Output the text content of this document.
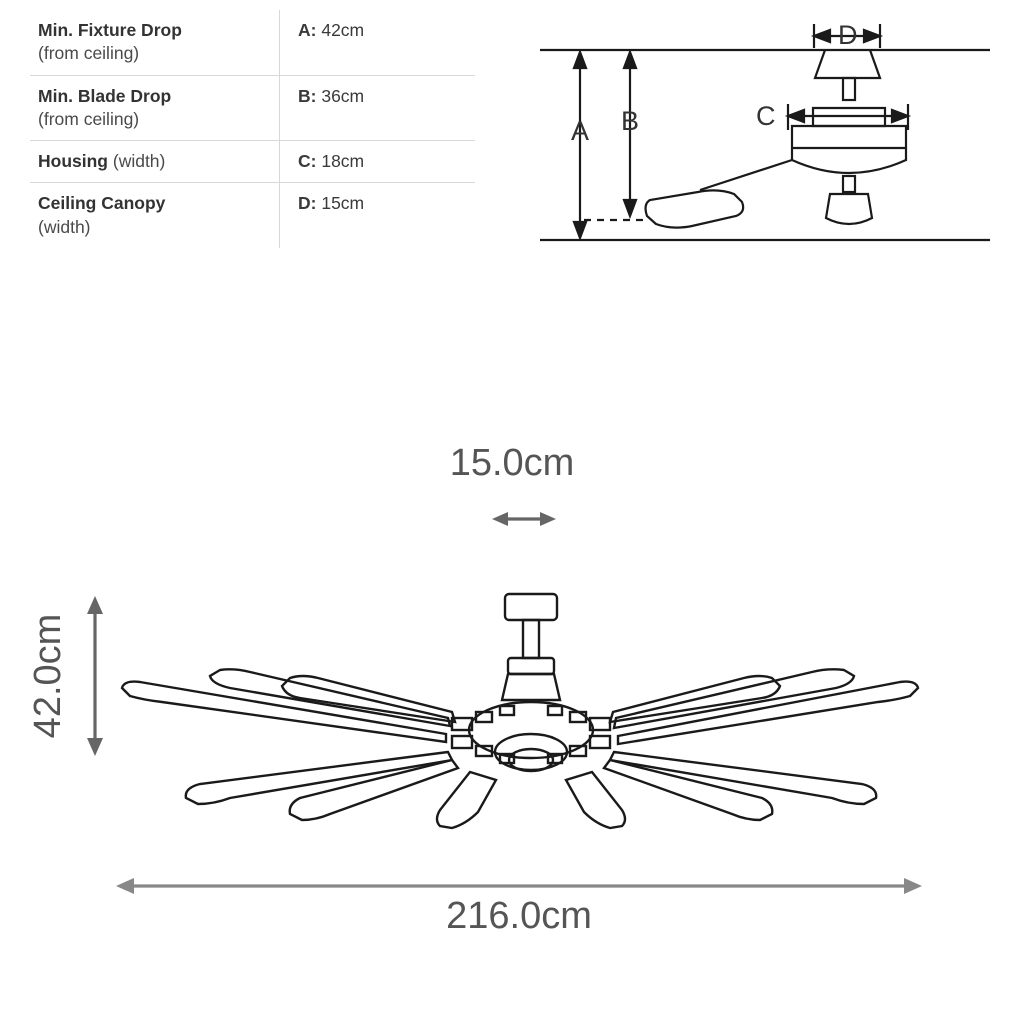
Min. Fixture Drop
(from ceiling)
A: 42cm
Min. Blade Drop
(from ceiling)
B: 36cm
Housing (width)	C: 18cm
Ceiling Canopy
(width)
D: 15cm
A B	C
D
15.0cm
42.0cm
216.0cm
